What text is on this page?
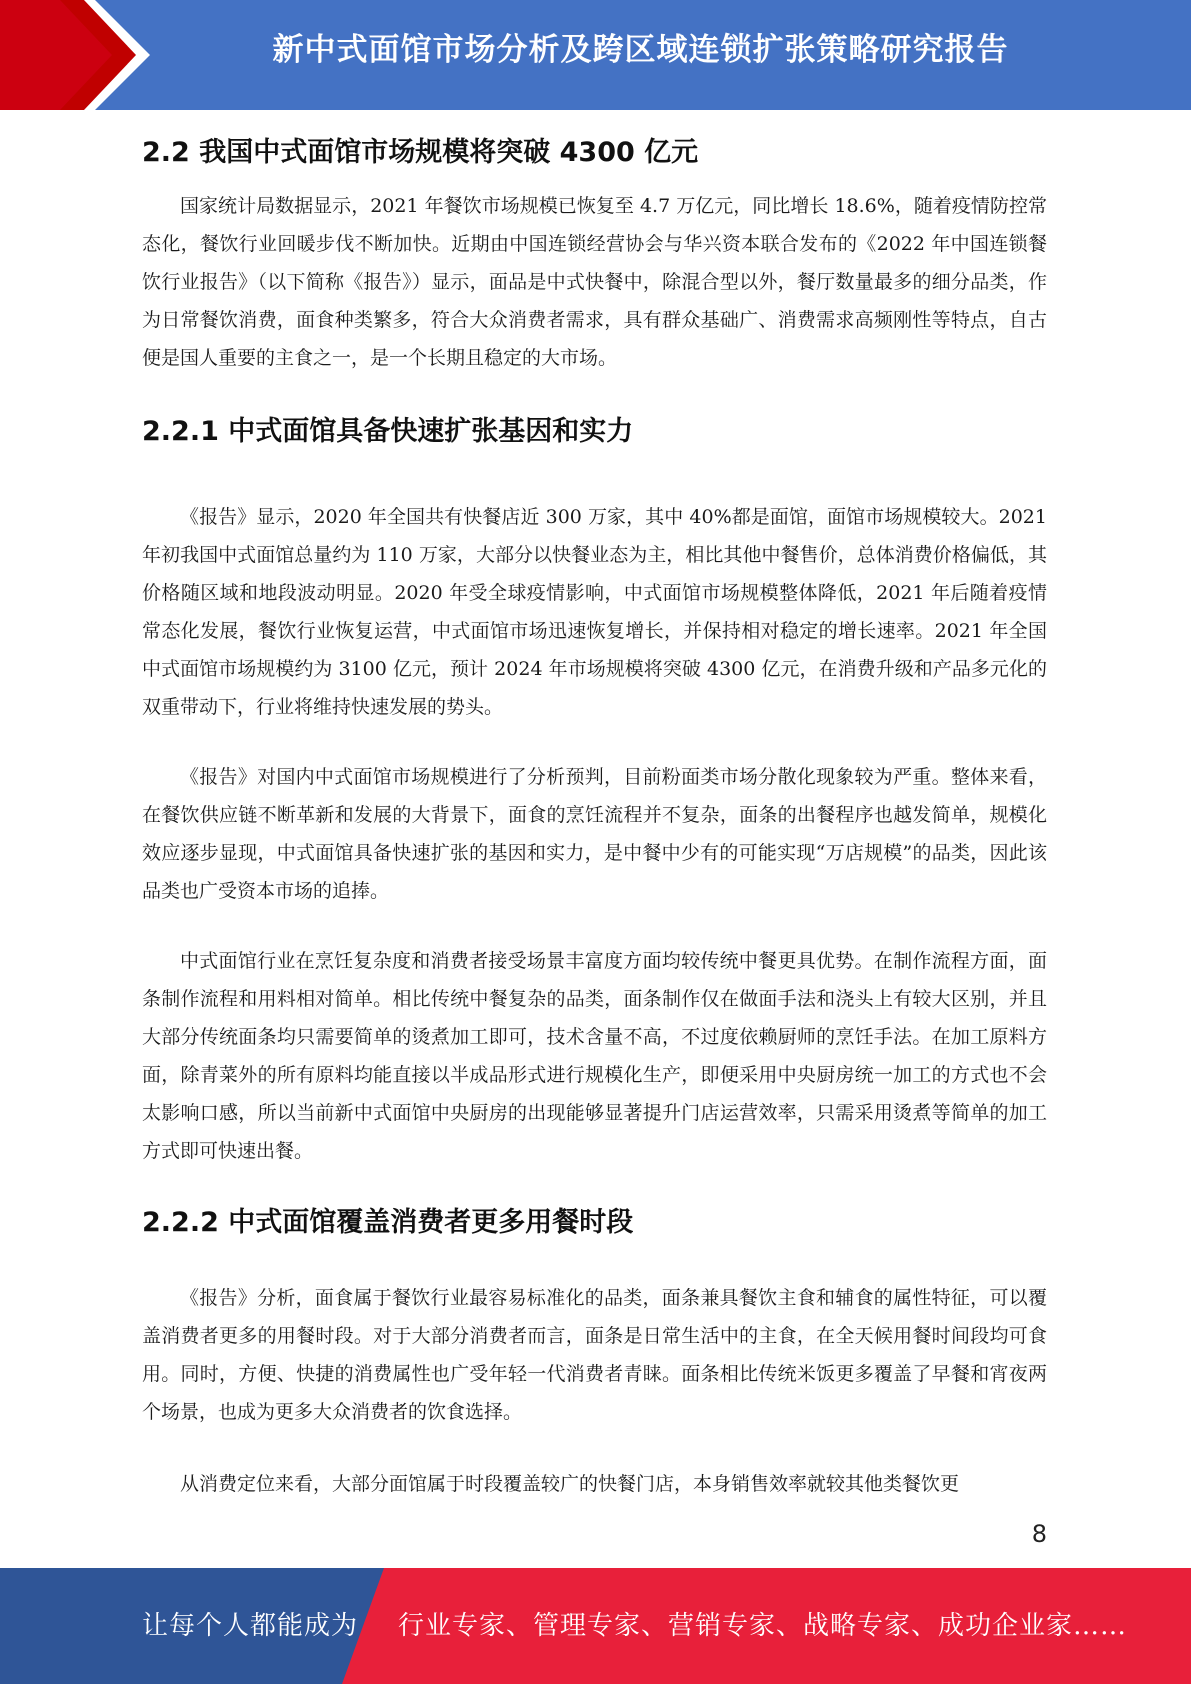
新中式面馆市场分析及跨区域连锁扩张策略研究报告
2.2 我国中式面馆市场规模将突破 4300 亿元

国家统计局数据显示，2021 年餐饮市场规模已恢复至 4.7 万亿元，同比增长 18.6%，随着疫情防控常态化，餐饮行业回暖步伐不断加快。近期由中国连锁经营协会与华兴资本联合发布的《2022 年中国连锁餐饮行业报告》（以下简称《报告》）显示，面品是中式快餐中，除混合型以外，餐厅数量最多的细分品类，作为日常餐饮消费，面食种类繁多，符合大众消费者需求，具有群众基础广、消费需求高频刚性等特点，自古便是国人重要的主食之一，是一个长期且稳定的大市场。

2.2.1 中式面馆具备快速扩张基因和实力

《报告》显示，2020 年全国共有快餐店近 300 万家，其中 40%都是面馆，面馆市场规模较大。2021 年初我国中式面馆总量约为 110 万家，大部分以快餐业态为主，相比其他中餐售价，总体消费价格偏低，其价格随区域和地段波动明显。2020 年受全球疫情影响，中式面馆市场规模整体降低，2021 年后随着疫情常态化发展，餐饮行业恢复运营，中式面馆市场迅速恢复增长，并保持相对稳定的增长速率。2021 年全国中式面馆市场规模约为 3100 亿元，预计 2024 年市场规模将突破 4300 亿元，在消费升级和产品多元化的双重带动下，行业将维持快速发展的势头。

《报告》对国内中式面馆市场规模进行了分析预判，目前粉面类市场分散化现象较为严重。整体来看，在餐饮供应链不断革新和发展的大背景下，面食的烹饪流程并不复杂，面条的出餐程序也越发简单，规模化效应逐步显现，中式面馆具备快速扩张的基因和实力，是中餐中少有的可能实现“万店规模”的品类，因此该品类也广受资本市场的追捧。

中式面馆行业在烹饪复杂度和消费者接受场景丰富度方面均较传统中餐更具优势。在制作流程方面，面条制作流程和用料相对简单。相比传统中餐复杂的品类，面条制作仅在做面手法和浇头上有较大区别，并且大部分传统面条均只需要简单的烫煮加工即可，技术含量不高，不过度依赖厨师的烹饪手法。在加工原料方面，除青菜外的所有原料均能直接以半成品形式进行规模化生产，即便采用中央厨房统一加工的方式也不会太影响口感，所以当前新中式面馆中央厨房的出现能够显著提升门店运营效率，只需采用烫煮等简单的加工方式即可快速出餐。

2.2.2 中式面馆覆盖消费者更多用餐时段

《报告》分析，面食属于餐饮行业最容易标准化的品类，面条兼具餐饮主食和辅食的属性特征，可以覆盖消费者更多的用餐时段。对于大部分消费者而言，面条是日常生活中的主食，在全天候用餐时间段均可食用。同时，方便、快捷的消费属性也广受年轻一代消费者青睐。面条相比传统米饭更多覆盖了早餐和宵夜两个场景，也成为更多大众消费者的饮食选择。

从消费定位来看，大部分面馆属于时段覆盖较广的快餐门店，本身销售效率就较其他类餐饮更

8
让每个人都能成为 行业专家、管理专家、营销专家、战略专家、成功企业家……
